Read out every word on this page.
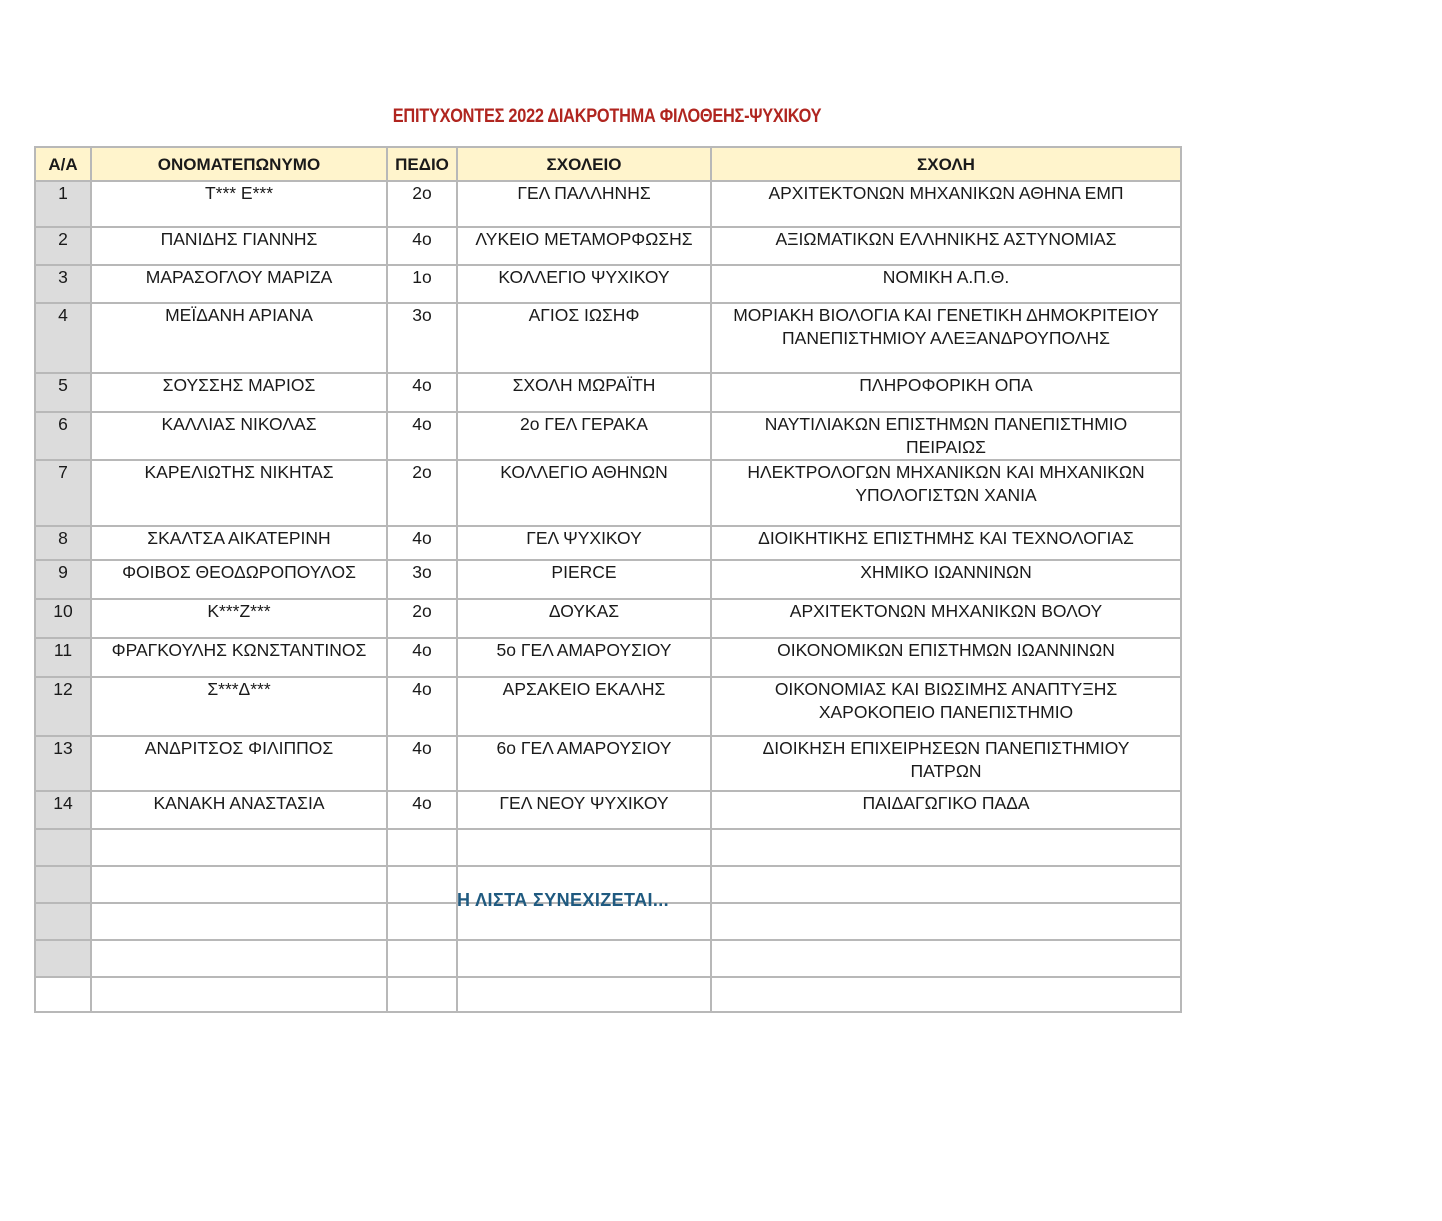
ΕΠΙΤΥΧΟΝΤΕΣ 2022 ΔΙΑΚΡΟΤΗΜΑ ΦΙΛΟΘΕΗΣ-ΨΥΧΙΚΟΥ
Α/Α	ΟΝΟΜΑΤΕΠΩΝΥΜΟ	ΠΕΔΙΟ	ΣΧΟΛΕΙΟ	ΣΧΟΛΗ
1	Τ*** Ε***	2ο	ΓΕΛ ΠΑΛΛΗΝΗΣ	ΑΡΧΙΤΕΚΤΟΝΩΝ ΜΗΧΑΝΙΚΩΝ ΑΘΗΝΑ ΕΜΠ
2	ΠΑΝΙΔΗΣ ΓΙΑΝΝΗΣ	4ο	ΛΥΚΕΙΟ ΜΕΤΑΜΟΡΦΩΣΗΣ	ΑΞΙΩΜΑΤΙΚΩΝ ΕΛΛΗΝΙΚΗΣ ΑΣΤΥΝΟΜΙΑΣ
3	ΜΑΡΑΣΟΓΛΟΥ ΜΑΡΙΖΑ	1ο	ΚΟΛΛΕΓΙΟ ΨΥΧΙΚΟΥ	ΝΟΜΙΚΗ Α.Π.Θ.
4	ΜΕΪΔΑΝΗ ΑΡΙΑΝΑ	3ο	ΑΓΙΟΣ ΙΩΣΗΦ	ΜΟΡΙΑΚΗ ΒΙΟΛΟΓΙΑ ΚΑΙ ΓΕΝΕΤΙΚΗ ΔΗΜΟΚΡΙΤΕΙΟΥ
ΠΑΝΕΠΙΣΤΗΜΙΟΥ ΑΛΕΞΑΝΔΡΟΥΠΟΛΗΣ

5	ΣΟΥΣΣΗΣ ΜΑΡΙΟΣ	4ο	ΣΧΟΛΗ ΜΩΡΑΪΤΗ	ΠΛΗΡΟΦΟΡΙΚΗ ΟΠΑ
6	ΚΑΛΛΙΑΣ ΝΙΚΟΛΑΣ	4ο	2ο ΓΕΛ ΓΕΡΑΚΑ	ΝΑΥΤΙΛΙΑΚΩΝ ΕΠΙΣΤΗΜΩΝ ΠΑΝΕΠΙΣΤΗΜΙΟ
ΠΕΙΡΑΙΩΣ

7	ΚΑΡΕΛΙΩΤΗΣ ΝΙΚΗΤΑΣ	2ο	ΚΟΛΛΕΓΙΟ ΑΘΗΝΩΝ	ΗΛΕΚΤΡΟΛΟΓΩΝ ΜΗΧΑΝΙΚΩΝ ΚΑΙ ΜΗΧΑΝΙΚΩΝ
ΥΠΟΛΟΓΙΣΤΩΝ ΧΑΝΙΑ

8	ΣΚΑΛΤΣΑ ΑΙΚΑΤΕΡΙΝΗ	4ο	ΓΕΛ ΨΥΧΙΚΟΥ	ΔΙΟΙΚΗΤΙΚΗΣ ΕΠΙΣΤΗΜΗΣ ΚΑΙ ΤΕΧΝΟΛΟΓΙΑΣ
9	ΦΟΙΒΟΣ ΘΕΟΔΩΡΟΠΟΥΛΟΣ	3ο	PIERCE	ΧΗΜΙΚΟ ΙΩΑΝΝΙΝΩΝ
10	Κ***Ζ***	2ο	ΔΟΥΚΑΣ	ΑΡΧΙΤΕΚΤΟΝΩΝ ΜΗΧΑΝΙΚΩΝ ΒΟΛΟΥ
11	ΦΡΑΓΚΟΥΛΗΣ ΚΩΝΣΤΑΝΤΙΝΟΣ	4ο	5ο ΓΕΛ ΑΜΑΡΟΥΣΙΟΥ	ΟΙΚΟΝΟΜΙΚΩΝ ΕΠΙΣΤΗΜΩΝ ΙΩΑΝΝΙΝΩΝ
12	Σ***Δ***	4ο	ΑΡΣΑΚΕΙΟ ΕΚΑΛΗΣ	ΟΙΚΟΝΟΜΙΑΣ ΚΑΙ ΒΙΩΣΙΜΗΣ ΑΝΑΠΤΥΞΗΣ
ΧΑΡΟΚΟΠΕΙΟ ΠΑΝΕΠΙΣΤΗΜΙΟ

13	ΑΝΔΡΙΤΣΟΣ ΦΙΛΙΠΠΟΣ	4ο	6ο ΓΕΛ ΑΜΑΡΟΥΣΙΟΥ	ΔΙΟΙΚΗΣΗ ΕΠΙΧΕΙΡΗΣΕΩΝ ΠΑΝΕΠΙΣΤΗΜΙΟΥ
ΠΑΤΡΩΝ

14	ΚΑΝΑΚΗ ΑΝΑΣΤΑΣΙΑ	4ο	ΓΕΛ ΝΕΟΥ ΨΥΧΙΚΟΥ	ΠΑΙΔΑΓΩΓΙΚΟ ΠΑΔΑ

Η ΛΙΣΤΑ ΣΥΝΕΧΙΖΕΤΑΙ...
